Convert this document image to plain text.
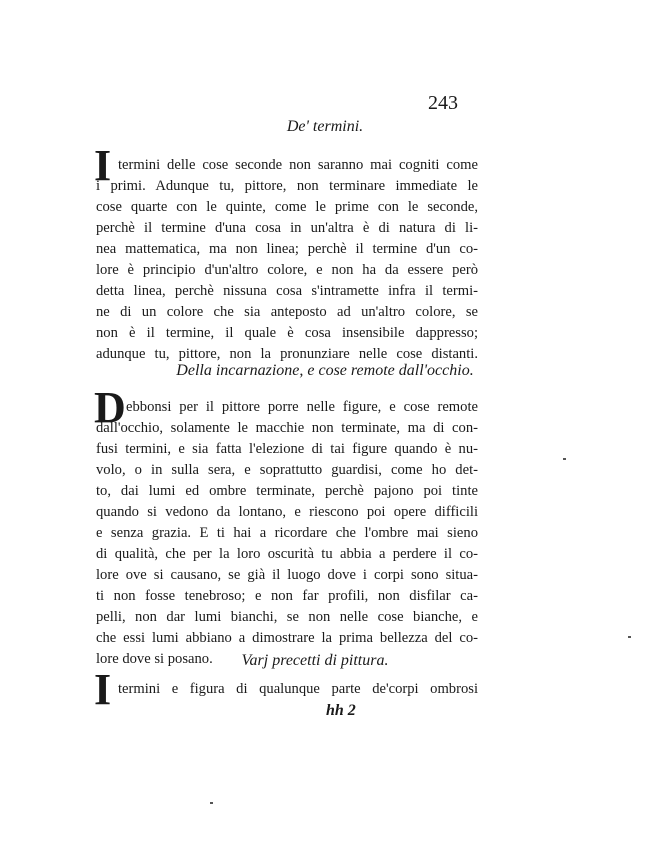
243
De' termini.
I termini delle cose seconde non saranno mai cogniti come
i primi. Adunque tu, pittore, non terminare immediate le
cose quarte con le quinte, come le prime con le seconde,
perchè il termine d'una cosa in un'altra è di natura di li-
nea mattematica, ma non linea; perchè il termine d'un co-
lore è principio d'un'altro colore, e non ha da essere però
detta linea, perchè nissuna cosa s'intramette infra il termi-
ne di un colore che sia anteposto ad un'altro colore, se
non è il termine, il quale è cosa insensibile dappresso;
adunque tu, pittore, non la pronunziare nelle cose distanti.
Della incarnazione, e cose remote dall'occhio.
D ebbonsi per il pittore porre nelle figure, e cose remote
dall'occhio, solamente le macchie non terminate, ma di con-
fusi termini, e sia fatta l'elezione di tai figure quando è nu-
volo, o in sulla sera, e soprattutto guardisi, come ho det-
to, dai lumi ed ombre terminate, perchè pajono poi tinte
quando si vedono da lontano, e riescono poi opere difficili
e senza grazia. E ti hai a ricordare che l'ombre mai sieno
di qualità, che per la loro oscurità tu abbia a perdere il co-
lore ove si causano, se già il luogo dove i corpi sono situa-
ti non fosse tenebroso; e non far profili, non disfilar ca-
pelli, non dar lumi bianchi, se non nelle cose bianche, e
che essi lumi abbiano a dimostrare la prima bellezza del co-
lore dove si posano.	Varj precetti di pittura.
I termini e figura di qualunque parte de'corpi ombrosi
hh 2
